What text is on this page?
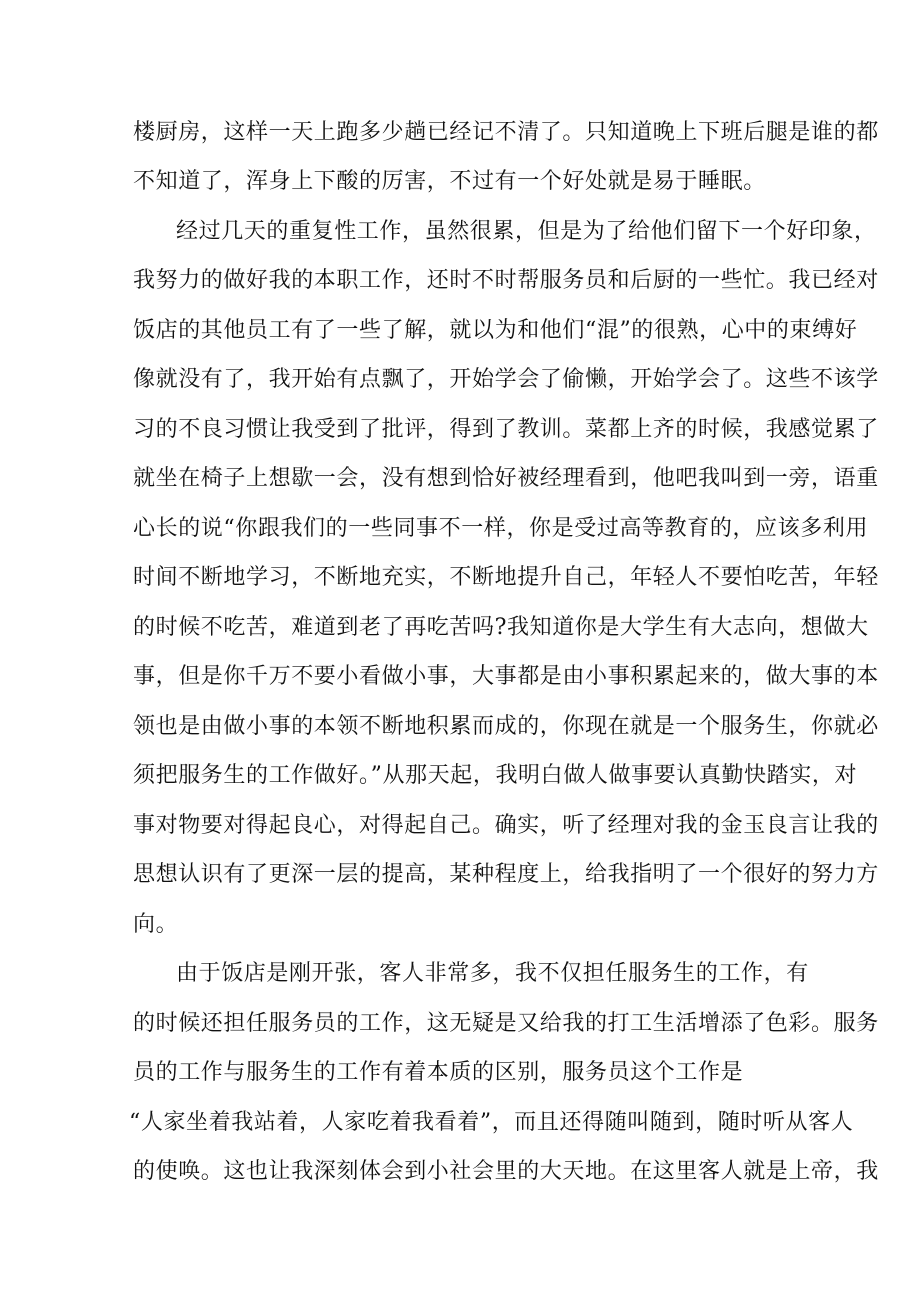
楼厨房，这样一天上跑多少趟已经记不清了。只知道晚上下班后腿是谁的都
不知道了，浑身上下酸的厉害，不过有一个好处就是易于睡眠。
经过几天的重复性工作，虽然很累，但是为了给他们留下一个好印象，
我努力的做好我的本职工作，还时不时帮服务员和后厨的一些忙。我已经对
饭店的其他员工有了一些了解，就以为和他们“混”的很熟，心中的束缚好
像就没有了，我开始有点飘了，开始学会了偷懒，开始学会了。这些不该学
习的不良习惯让我受到了批评，得到了教训。菜都上齐的时候，我感觉累了
就坐在椅子上想歇一会，没有想到恰好被经理看到，他吧我叫到一旁，语重
心长的说“你跟我们的一些同事不一样，你是受过高等教育的，应该多利用
时间不断地学习，不断地充实，不断地提升自己，年轻人不要怕吃苦，年轻
的时候不吃苦，难道到老了再吃苦吗?我知道你是大学生有大志向，想做大
事，但是你千万不要小看做小事，大事都是由小事积累起来的，做大事的本
领也是由做小事的本领不断地积累而成的，你现在就是一个服务生，你就必
须把服务生的工作做好。”从那天起，我明白做人做事要认真勤快踏实，对
事对物要对得起良心，对得起自己。确实，听了经理对我的金玉良言让我的
思想认识有了更深一层的提高，某种程度上，给我指明了一个很好的努力方
向。
由于饭店是刚开张，客人非常多，我不仅担任服务生的工作，有
的时候还担任服务员的工作，这无疑是又给我的打工生活增添了色彩。服务
员的工作与服务生的工作有着本质的区别，服务员这个工作是
“人家坐着我站着，人家吃着我看着”，而且还得随叫随到，随时听从客人
的使唤。这也让我深刻体会到小社会里的大天地。在这里客人就是上帝，我
